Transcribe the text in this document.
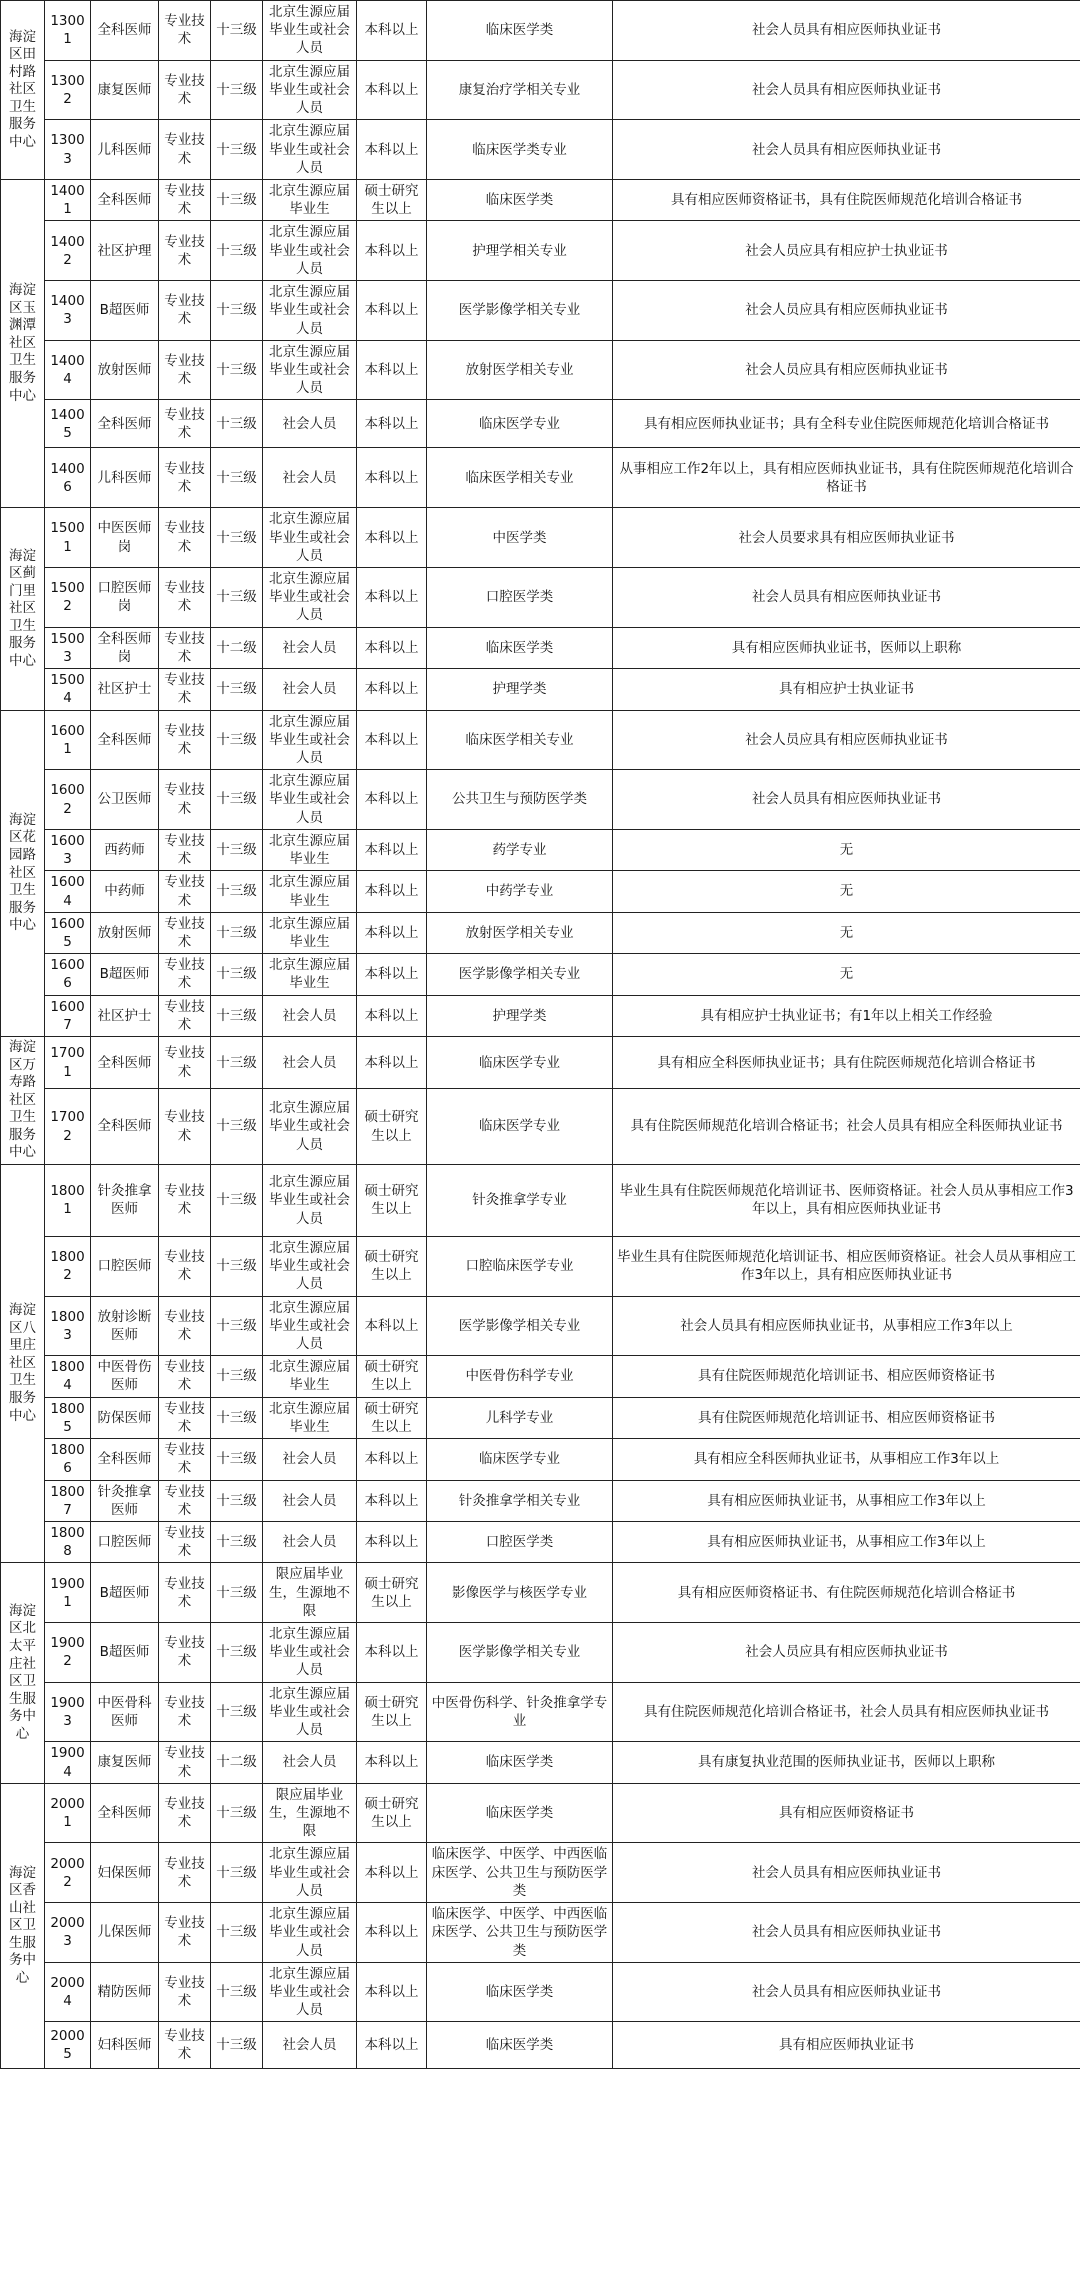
海淀区田村路社区卫生服务中心	13001	全科医师	专业技术	十三级	北京生源应届毕业生或社会人员	本科以上	临床医学类	社会人员具有相应医师执业证书
	13002	康复医师	专业技术	十三级	北京生源应届毕业生或社会人员	本科以上	康复治疗学相关专业	社会人员具有相应医师执业证书
	13003	儿科医师	专业技术	十三级	北京生源应届毕业生或社会人员	本科以上	临床医学类专业	社会人员具有相应医师执业证书
海淀区玉渊潭社区卫生服务中心	14001	全科医师	专业技术	十三级	北京生源应届毕业生	硕士研究生以上	临床医学类	具有相应医师资格证书，具有住院医师规范化培训合格证书
	14002	社区护理	专业技术	十三级	北京生源应届毕业生或社会人员	本科以上	护理学相关专业	社会人员应具有相应护士执业证书
	14003	B超医师	专业技术	十三级	北京生源应届毕业生或社会人员	本科以上	医学影像学相关专业	社会人员应具有相应医师执业证书
	14004	放射医师	专业技术	十三级	北京生源应届毕业生或社会人员	本科以上	放射医学相关专业	社会人员应具有相应医师执业证书
	14005	全科医师	专业技术	十三级	社会人员	本科以上	临床医学专业	具有相应医师执业证书；具有全科专业住院医师规范化培训合格证书
	14006	儿科医师	专业技术	十三级	社会人员	本科以上	临床医学相关专业	从事相应工作2年以上，具有相应医师执业证书，具有住院医师规范化培训合格证书
海淀区蓟门里社区卫生服务中心	15001	中医医师岗	专业技术	十三级	北京生源应届毕业生或社会人员	本科以上	中医学类	社会人员要求具有相应医师执业证书
	15002	口腔医师岗	专业技术	十三级	北京生源应届毕业生或社会人员	本科以上	口腔医学类	社会人员具有相应医师执业证书
	15003	全科医师岗	专业技术	十二级	社会人员	本科以上	临床医学类	具有相应医师执业证书，医师以上职称
	15004	社区护士	专业技术	十三级	社会人员	本科以上	护理学类	具有相应护士执业证书
海淀区花园路社区卫生服务中心	16001	全科医师	专业技术	十三级	北京生源应届毕业生或社会人员	本科以上	临床医学相关专业	社会人员应具有相应医师执业证书
	16002	公卫医师	专业技术	十三级	北京生源应届毕业生或社会人员	本科以上	公共卫生与预防医学类	社会人员具有相应医师执业证书
	16003	西药师	专业技术	十三级	北京生源应届毕业生	本科以上	药学专业	无
	16004	中药师	专业技术	十三级	北京生源应届毕业生	本科以上	中药学专业	无
	16005	放射医师	专业技术	十三级	北京生源应届毕业生	本科以上	放射医学相关专业	无
	16006	B超医师	专业技术	十三级	北京生源应届毕业生	本科以上	医学影像学相关专业	无
	16007	社区护士	专业技术	十三级	社会人员	本科以上	护理学类	具有相应护士执业证书；有1年以上相关工作经验
海淀区万寿路社区卫生服务中心	17001	全科医师	专业技术	十三级	社会人员	本科以上	临床医学专业	具有相应全科医师执业证书；具有住院医师规范化培训合格证书
	17002	全科医师	专业技术	十三级	北京生源应届毕业生或社会人员	硕士研究生以上	临床医学专业	具有住院医师规范化培训合格证书；社会人员具有相应全科医师执业证书
海淀区八里庄社区卫生服务中心	18001	针灸推拿医师	专业技术	十三级	北京生源应届毕业生或社会人员	硕士研究生以上	针灸推拿学专业	毕业生具有住院医师规范化培训证书、医师资格证。社会人员从事相应工作3年以上，具有相应医师执业证书
	18002	口腔医师	专业技术	十三级	北京生源应届毕业生或社会人员	硕士研究生以上	口腔临床医学专业	毕业生具有住院医师规范化培训证书、相应医师资格证。社会人员从事相应工作3年以上，具有相应医师执业证书
	18003	放射诊断医师	专业技术	十三级	北京生源应届毕业生或社会人员	本科以上	医学影像学相关专业	社会人员具有相应医师执业证书，从事相应工作3年以上
	18004	中医骨伤医师	专业技术	十三级	北京生源应届毕业生	硕士研究生以上	中医骨伤科学专业	具有住院医师规范化培训证书、相应医师资格证书
	18005	防保医师	专业技术	十三级	北京生源应届毕业生	硕士研究生以上	儿科学专业	具有住院医师规范化培训证书、相应医师资格证书
	18006	全科医师	专业技术	十三级	社会人员	本科以上	临床医学专业	具有相应全科医师执业证书，从事相应工作3年以上
	18007	针灸推拿医师	专业技术	十三级	社会人员	本科以上	针灸推拿学相关专业	具有相应医师执业证书，从事相应工作3年以上
	18008	口腔医师	专业技术	十三级	社会人员	本科以上	口腔医学类	具有相应医师执业证书，从事相应工作3年以上
海淀区北太平庄社区卫生服务中心	19001	B超医师	专业技术	十三级	限应届毕业生，生源地不限	硕士研究生以上	影像医学与核医学专业	具有相应医师资格证书、有住院医师规范化培训合格证书
	19002	B超医师	专业技术	十三级	北京生源应届毕业生或社会人员	本科以上	医学影像学相关专业	社会人员应具有相应医师执业证书
	19003	中医骨科医师	专业技术	十三级	北京生源应届毕业生或社会人员	硕士研究生以上	中医骨伤科学、针灸推拿学专业	具有住院医师规范化培训合格证书，社会人员具有相应医师执业证书
	19004	康复医师	专业技术	十二级	社会人员	本科以上	临床医学类	具有康复执业范围的医师执业证书，医师以上职称
海淀区香山社区卫生服务中心	20001	全科医师	专业技术	十三级	限应届毕业生，生源地不限	硕士研究生以上	临床医学类	具有相应医师资格证书
	20002	妇保医师	专业技术	十三级	北京生源应届毕业生或社会人员	本科以上	临床医学、中医学、中西医临床医学、公共卫生与预防医学类	社会人员具有相应医师执业证书
	20003	儿保医师	专业技术	十三级	北京生源应届毕业生或社会人员	本科以上	临床医学、中医学、中西医临床医学、公共卫生与预防医学类	社会人员具有相应医师执业证书
	20004	精防医师	专业技术	十三级	北京生源应届毕业生或社会人员	本科以上	临床医学类	社会人员具有相应医师执业证书
	20005	妇科医师	专业技术	十三级	社会人员	本科以上	临床医学类	具有相应医师执业证书
